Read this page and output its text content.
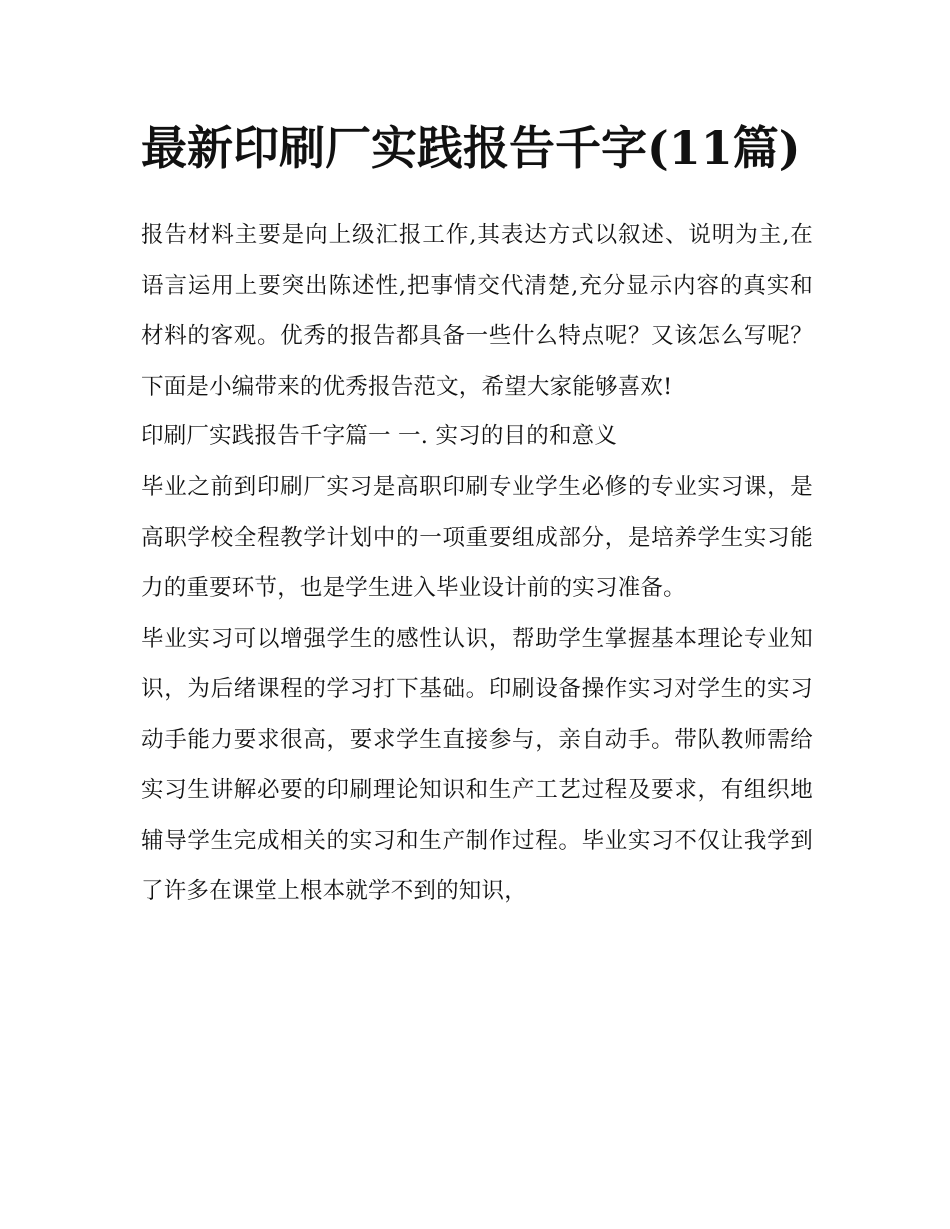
最新印刷厂实践报告千字(11篇)

报告材料主要是向上级汇报工作,其表达方式以叙述、说明为主,在语言运用上要突出陈述性,把事情交代清楚,充分显示内容的真实和材料的客观。优秀的报告都具备一些什么特点呢？又该怎么写呢？下面是小编带来的优秀报告范文，希望大家能够喜欢!

印刷厂实践报告千字篇一 一. 实习的目的和意义

毕业之前到印刷厂实习是高职印刷专业学生必修的专业实习课，是高职学校全程教学计划中的一项重要组成部分，是培养学生实习能力的重要环节，也是学生进入毕业设计前的实习准备。

毕业实习可以增强学生的感性认识，帮助学生掌握基本理论专业知识，为后绪课程的学习打下基础。印刷设备操作实习对学生的实习动手能力要求很高，要求学生直接参与，亲自动手。带队教师需给实习生讲解必要的印刷理论知识和生产工艺过程及要求，有组织地辅导学生完成相关的实习和生产制作过程。毕业实习不仅让我学到了许多在课堂上根本就学不到的知识，
